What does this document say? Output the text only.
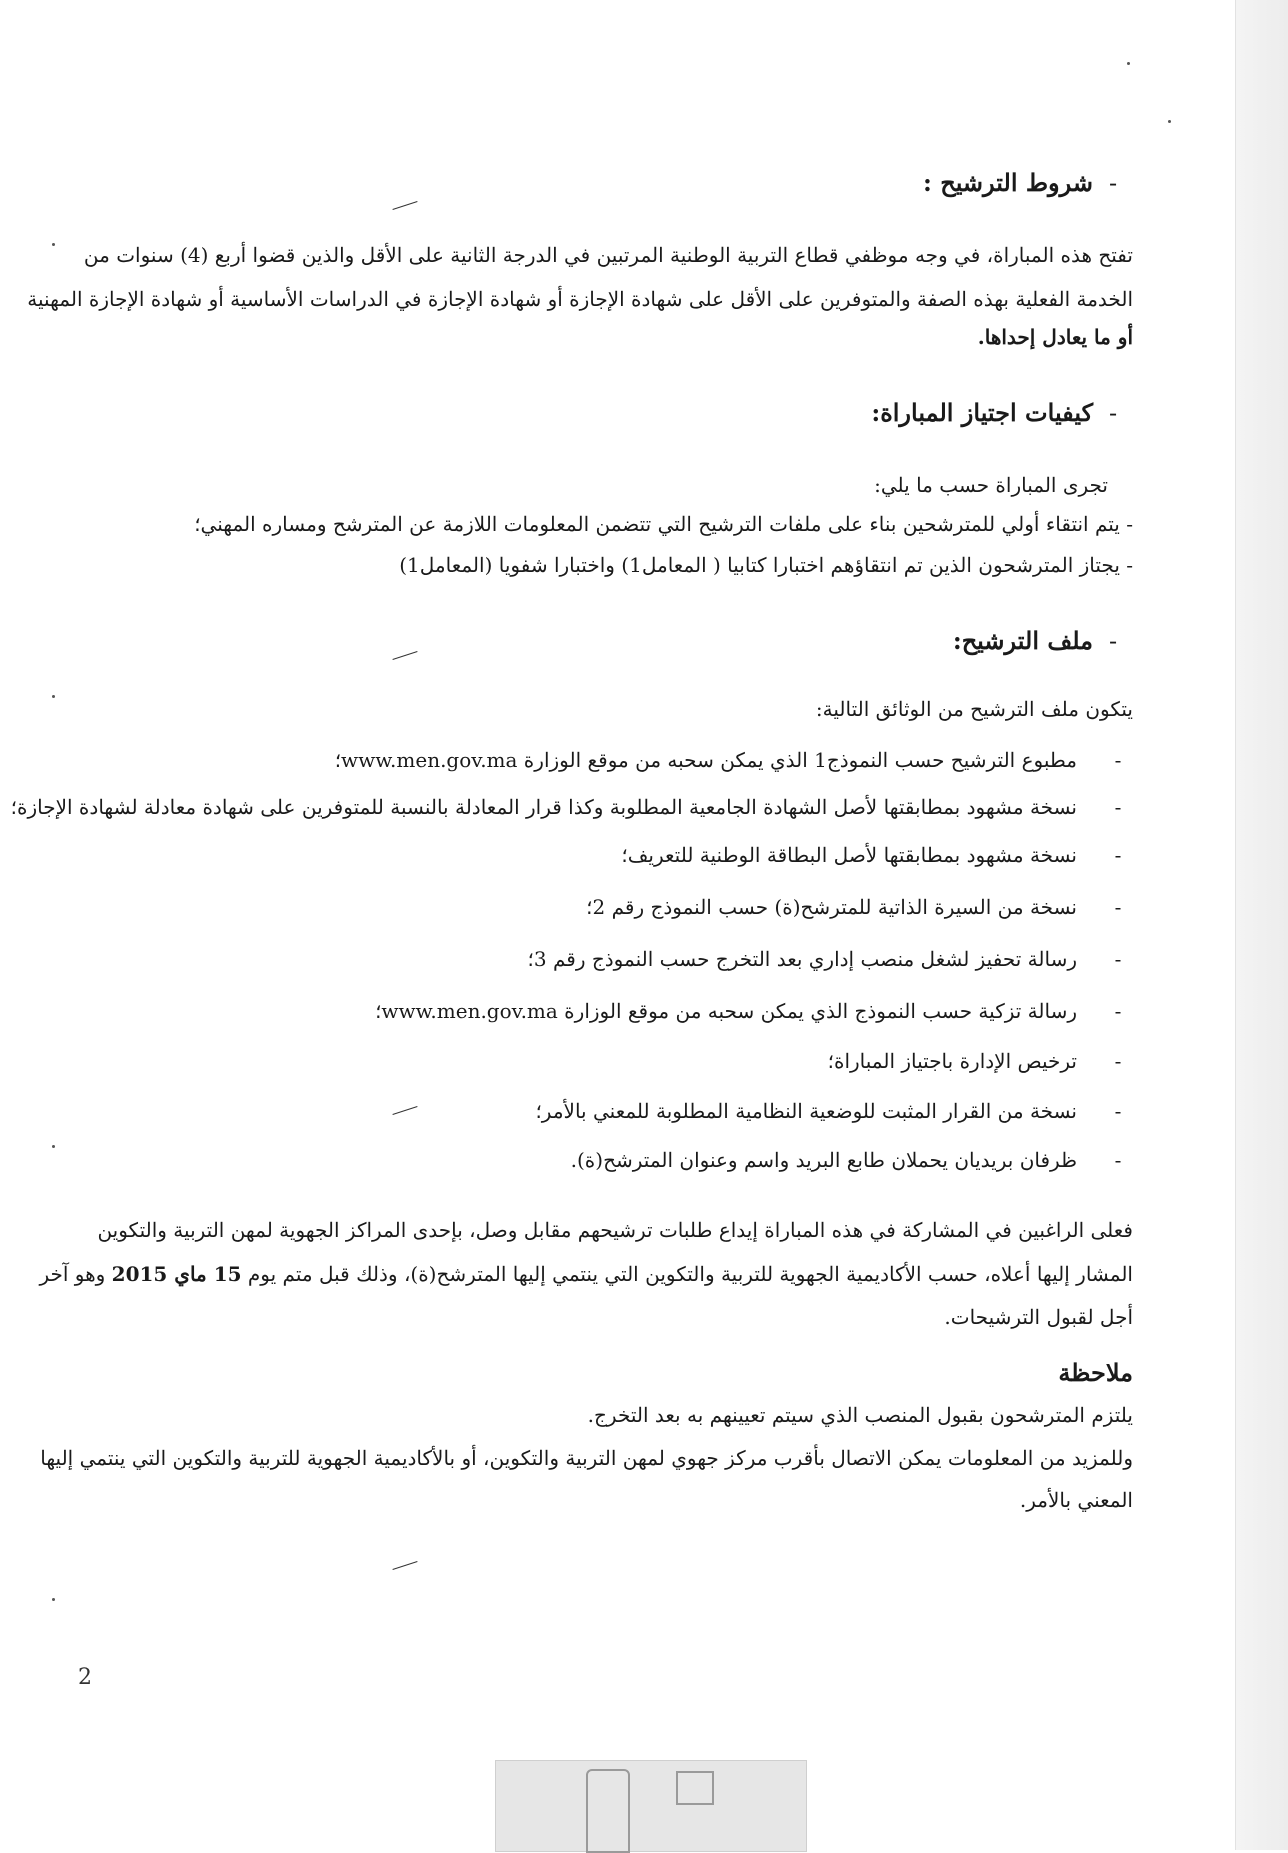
-شروط الترشيح :
تفتح هذه المباراة، في وجه موظفي قطاع التربية الوطنية المرتبين في الدرجة الثانية على الأقل والذين قضوا أربع (4) سنوات من
الخدمة الفعلية بهذه الصفة والمتوفرين على الأقل على شهادة الإجازة أو شهادة الإجازة في الدراسات الأساسية أو شهادة الإجازة المهنية
أو ما يعادل إحداها.
-كيفيات اجتياز المباراة:
تجرى المباراة حسب ما يلي:
- يتم انتقاء أولي للمترشحين بناء على ملفات الترشيح التي تتضمن المعلومات اللازمة عن المترشح ومساره المهني؛
- يجتاز المترشحون الذين تم انتقاؤهم اختبارا كتابيا ( المعامل1) واختبارا شفويا (المعامل1)
-ملف الترشيح:
يتكون ملف الترشيح من الوثائق التالية:
-مطبوع الترشيح حسب النموذج1 الذي يمكن سحبه من موقع الوزارة www.men.gov.ma؛
-نسخة مشهود بمطابقتها لأصل الشهادة الجامعية المطلوبة وكذا قرار المعادلة بالنسبة للمتوفرين على شهادة معادلة لشهادة الإجازة؛
-نسخة مشهود بمطابقتها لأصل البطاقة الوطنية للتعريف؛
-نسخة من السيرة الذاتية للمترشح(ة) حسب النموذج رقم 2؛
-رسالة تحفيز لشغل منصب إداري بعد التخرج حسب النموذج رقم 3؛
-رسالة تزكية حسب النموذج الذي يمكن سحبه من موقع الوزارة www.men.gov.ma؛
-ترخيص الإدارة باجتياز المباراة؛
-نسخة من القرار المثبت للوضعية النظامية المطلوبة للمعني بالأمر؛
-ظرفان بريديان يحملان طابع البريد واسم وعنوان المترشح(ة).
فعلى الراغبين في المشاركة في هذه المباراة إيداع طلبات ترشيحهم مقابل وصل، بإحدى المراكز الجهوية لمهن التربية والتكوين
المشار إليها أعلاه، حسب الأكاديمية الجهوية للتربية والتكوين التي ينتمي إليها المترشح(ة)، وذلك قبل متم يوم 15 ماي 2015 وهو آخر
أجل لقبول الترشيحات.
ملاحظة
يلتزم المترشحون بقبول المنصب الذي سيتم تعيينهم به بعد التخرج.
وللمزيد من المعلومات يمكن الاتصال بأقرب مركز جهوي لمهن التربية والتكوين، أو بالأكاديمية الجهوية للتربية والتكوين التي ينتمي إليها
المعني بالأمر.
2
